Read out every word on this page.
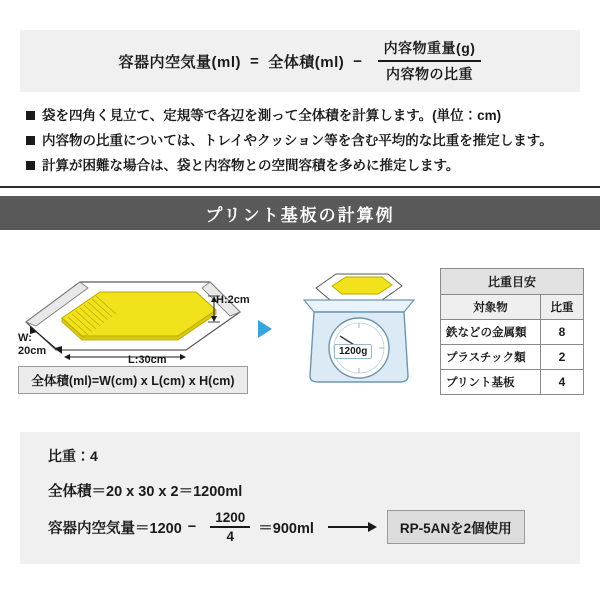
容器内空気量(ml) = 全体積$(ml) - \frac{\text{内容物重量(g)}}{\text{内容物の比重}}$
袋を四角く見立て、定規等で各辺を測って全体積を計算します。(単位：cm)
内容物の比重については、トレイやクッション等を含む平均的な比重を推定します。
計算が困難な場合は、袋と内容物との空間容積を多めに推定します。
プリント基板の計算例
H:2cm
W:
20cm
L:30cm
全体積(ml)=W(cm) x L(cm) x H(cm)
1200g
比重目安	
対象物	比重
鉄などの金属類	8
プラスチック類	2
プリント基板	4
比重：4
全体積＝20 x 30 x 2＝1200ml
容器内空気量$=1200 - \frac{1200}{4} =900ml$	RP-5ANを2個使用
